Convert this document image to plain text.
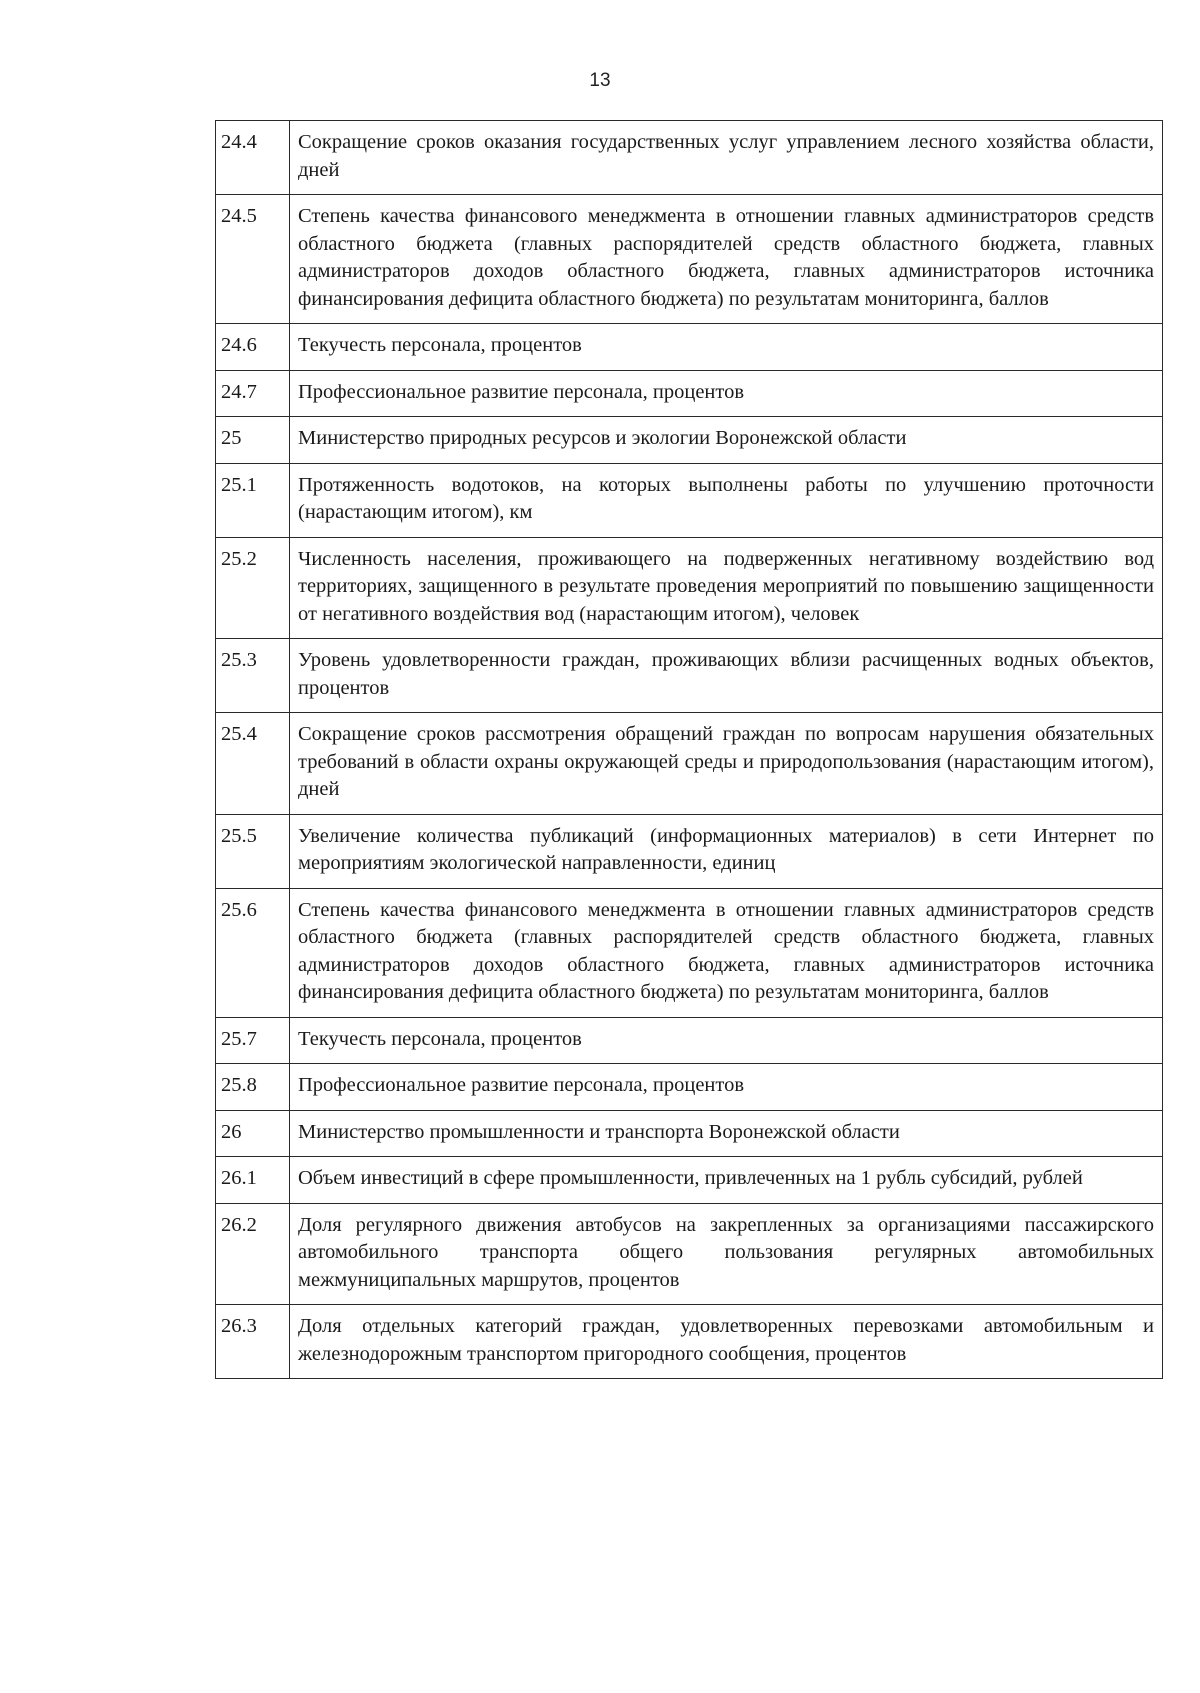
13
24.4	Сокращение сроков оказания государственных услуг управлением лесного хозяйства области, дней
24.5	Степень качества финансового менеджмента в отношении главных администраторов средств областного бюджета (главных распорядителей средств областного бюджета, главных администраторов доходов областного бюджета, главных администраторов источника финансирования дефицита областного бюджета) по результатам мониторинга, баллов
24.6	Текучесть персонала, процентов
24.7	Профессиональное развитие персонала, процентов
25	Министерство природных ресурсов и экологии Воронежской области
25.1	Протяженность водотоков, на которых выполнены работы по улучшению проточности (нарастающим итогом), км
25.2	Численность населения, проживающего на подверженных негативному воздействию вод территориях, защищенного в результате проведения мероприятий по повышению защищенности от негативного воздействия вод (нарастающим итогом), человек
25.3	Уровень удовлетворенности граждан, проживающих вблизи расчищенных водных объектов, процентов
25.4	Сокращение сроков рассмотрения обращений граждан по вопросам нарушения обязательных требований в области охраны окружающей среды и природопользования (нарастающим итогом), дней
25.5	Увеличение количества публикаций (информационных материалов) в сети Интернет по мероприятиям экологической направленности, единиц
25.6	Степень качества финансового менеджмента в отношении главных администраторов средств областного бюджета (главных распорядителей средств областного бюджета, главных администраторов доходов областного бюджета, главных администраторов источника финансирования дефицита областного бюджета) по результатам мониторинга, баллов
25.7	Текучесть персонала, процентов
25.8	Профессиональное развитие персонала, процентов
26	Министерство промышленности и транспорта Воронежской области
26.1	Объем инвестиций в сфере промышленности, привлеченных на 1 рубль субсидий, рублей
26.2	Доля регулярного движения автобусов на закрепленных за организациями пассажирского автомобильного транспорта общего пользования регулярных автомобильных межмуниципальных маршрутов, процентов
26.3	Доля отдельных категорий граждан, удовлетворенных перевозками автомобильным и железнодорожным транспортом пригородного сообщения, процентов
